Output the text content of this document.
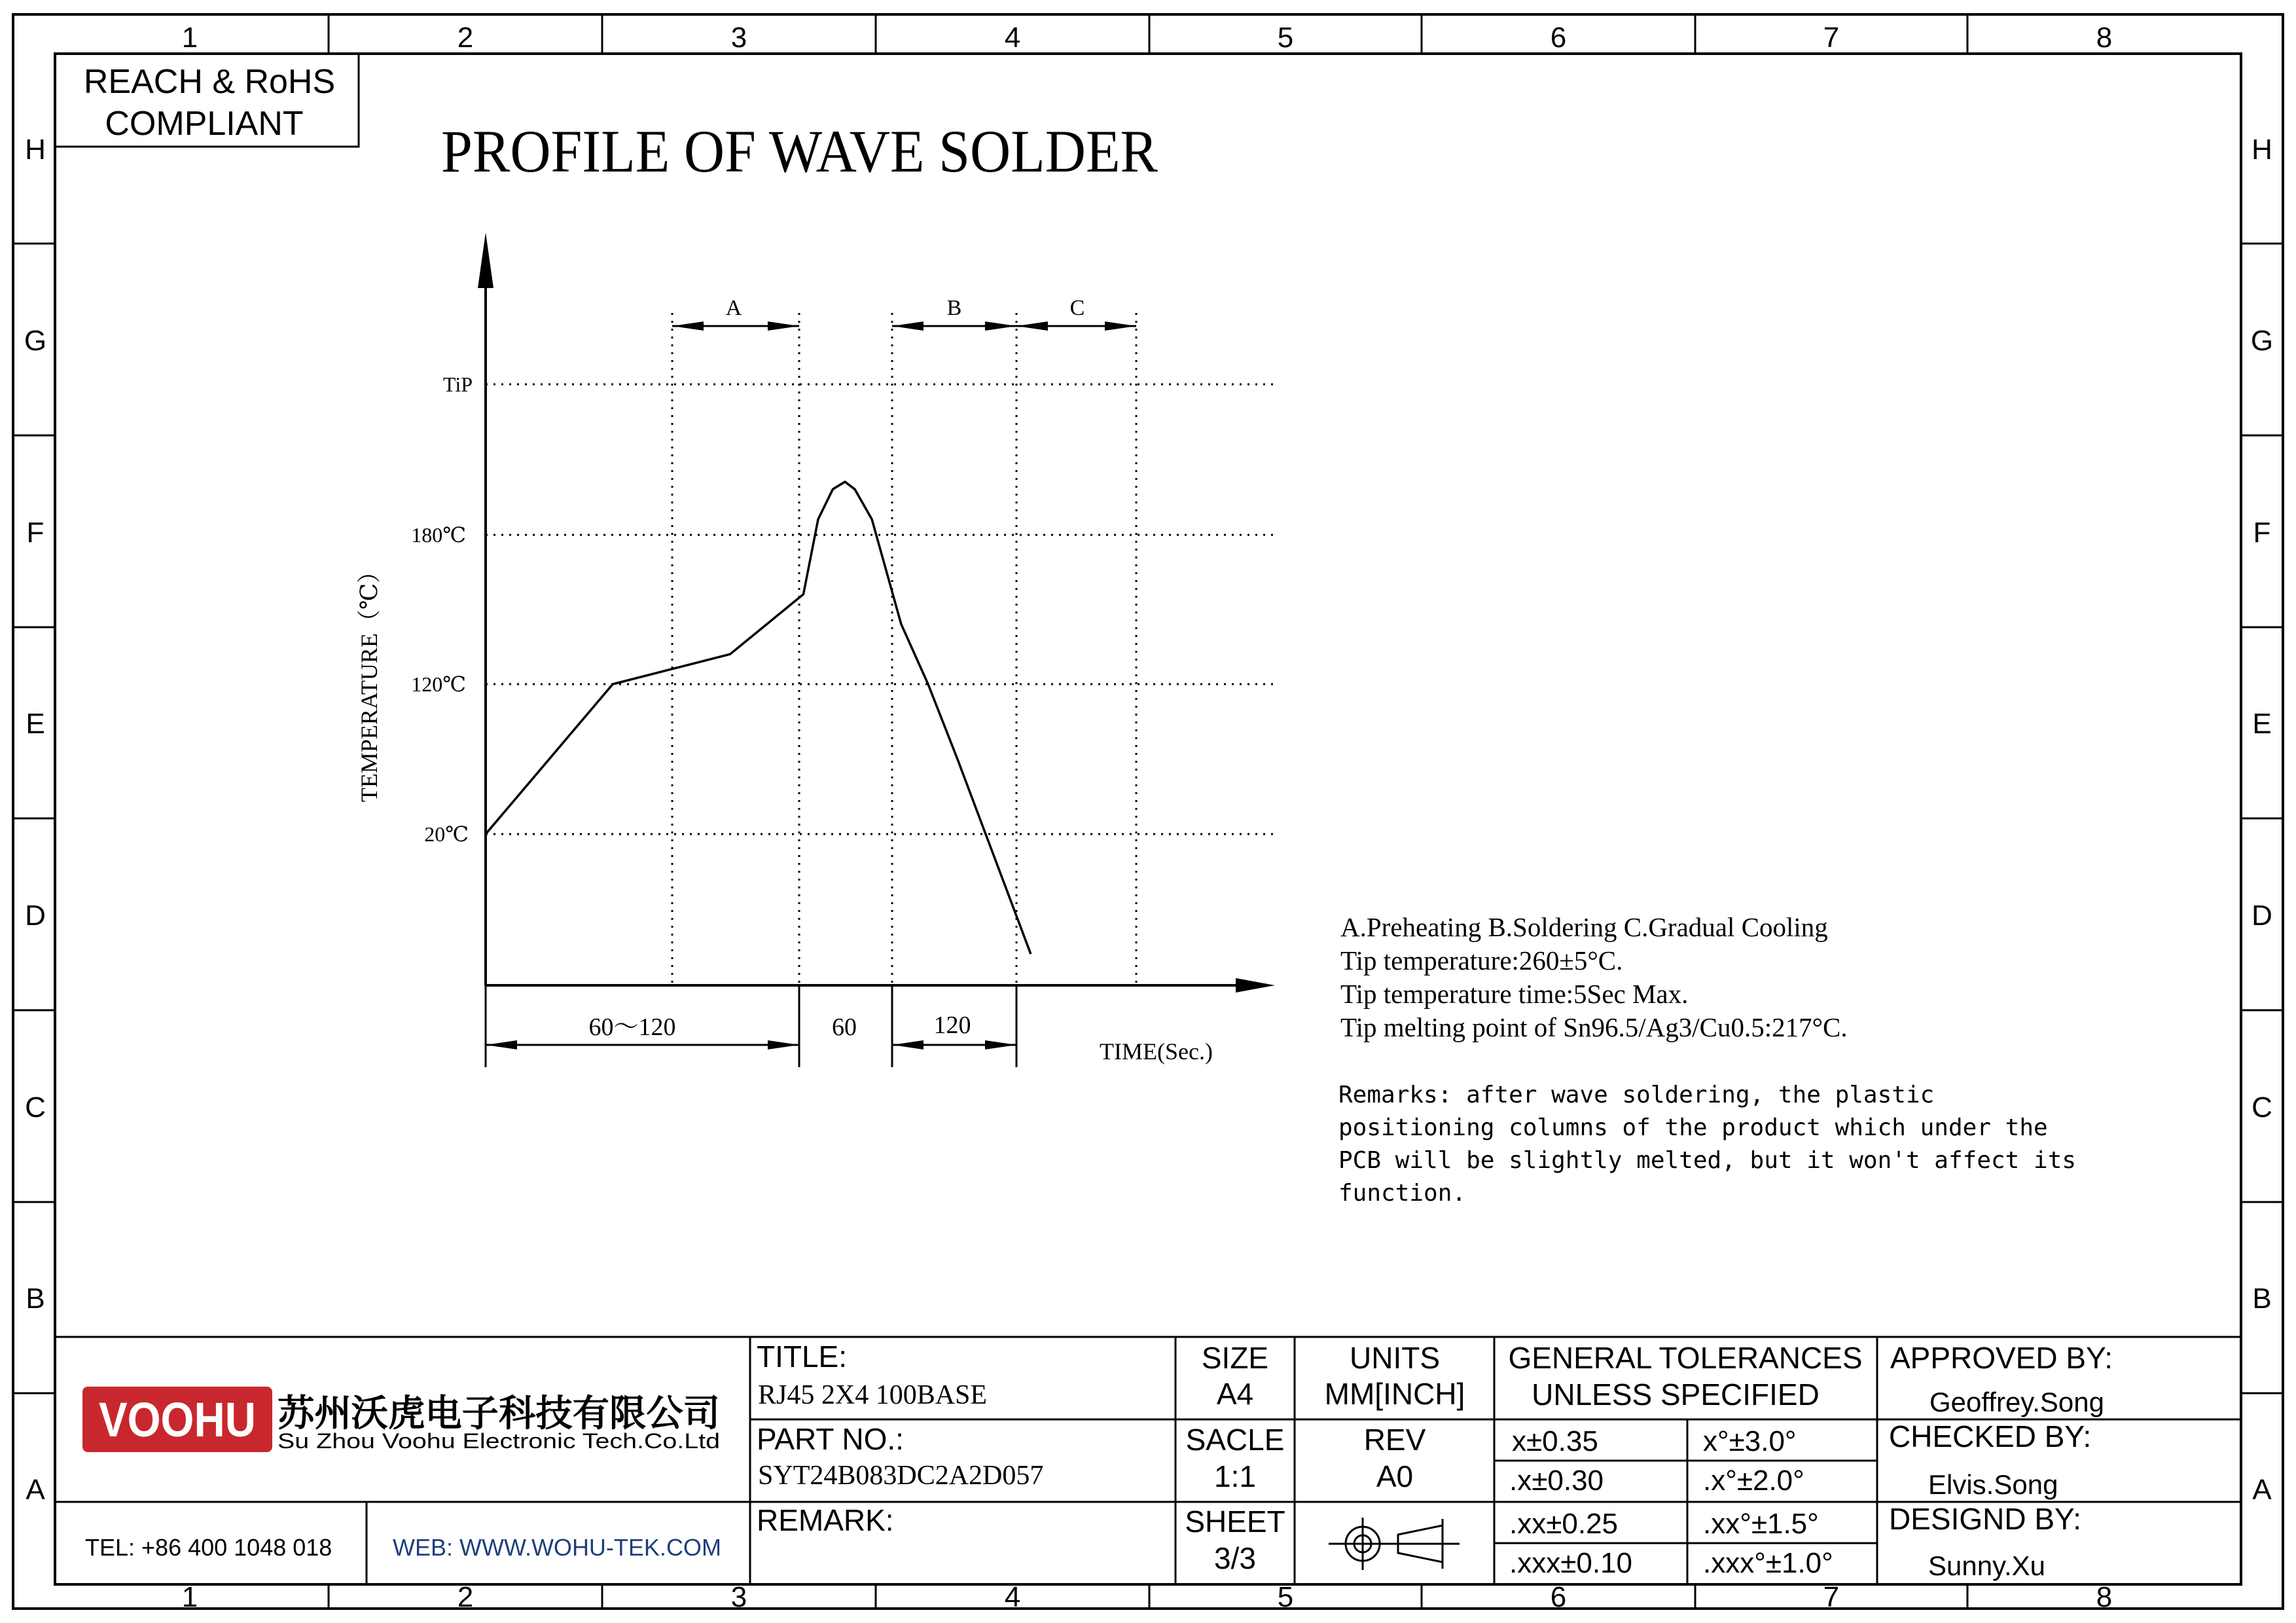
1	2	3	4	5	6	7	8
1	2	3	4	5	6	7	8
H
G
F
E
D
C
B
A
H
G
F
E
D
C
B
A
REACH & RoHS
COMPLIANT PROFILE OF WAVE SOLDER
TiP
180℃
120℃
20℃
TEMPERATURE（℃）
TIME(Sec.)
A	B	C
60～120	60	120
A.Preheating B.Soldering C.Gradual Cooling
Tip temperature:260±5°C.
Tip temperature time:5Sec Max.
Tip melting point of Sn96.5/Ag3/Cu0.5:217°C.
Remarks: after wave soldering, the plastic
positioning columns of the product which under the
PCB will be slightly melted, but it won't affect its
function.
VOOHU 苏州沃虎电子科技有限公司
Su Zhou Voohu Electronic Tech.Co.Ltd
TEL: +86 400 1048 018	WEB: WWW.WOHU-TEK.COM
TITLE:
RJ45 2X4 100BASE
PART NO.:
SYT24B083DC2A2D057
REMARK:
SIZE
A4
SACLE
1:1
SHEET
3/3
UNITS
MM[INCH]
REV
A0
GENERAL TOLERANCES
UNLESS SPECIFIED
x±0.35	x°±3.0°
.x±0.30	.x°±2.0°
.xx±0.25	.xx°±1.5°
.xxx±0.10 .xxx°±1.0°
APPROVED BY:
Geoffrey.Song
CHECKED BY:
Elvis.Song
DESIGND BY:
Sunny.Xu
